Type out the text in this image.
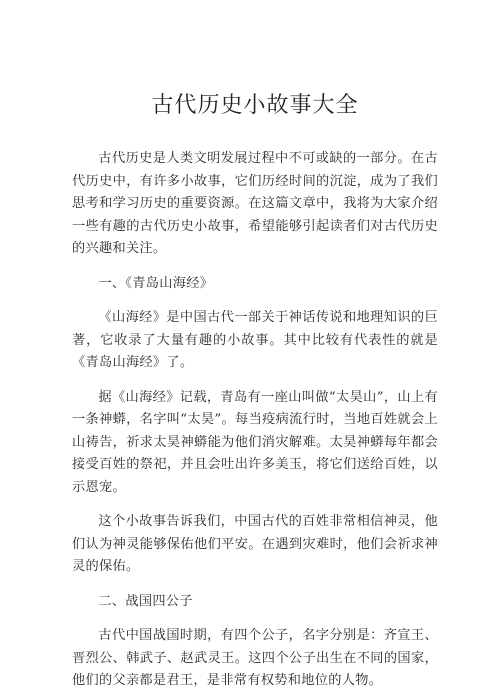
古代历史小故事大全

古代历史是人类文明发展过程中不可或缺的一部分。在古代历史中，有许多小故事，它们历经时间的沉淀，成为了我们思考和学习历史的重要资源。在这篇文章中，我将为大家介绍一些有趣的古代历史小故事，希望能够引起读者们对古代历史的兴趣和关注。

一、《青岛山海经》

《山海经》是中国古代一部关于神话传说和地理知识的巨著，它收录了大量有趣的小故事。其中比较有代表性的就是《青岛山海经》了。

据《山海经》记载，青岛有一座山叫做“太昊山”，山上有一条神蟒，名字叫“太昊”。每当疫病流行时，当地百姓就会上山祷告，祈求太昊神蟒能为他们消灾解难。太昊神蟒每年都会接受百姓的祭祀，并且会吐出许多美玉，将它们送给百姓，以示恩宠。

这个小故事告诉我们，中国古代的百姓非常相信神灵，他们认为神灵能够保佑他们平安。在遇到灾难时，他们会祈求神灵的保佑。

二、战国四公子

古代中国战国时期，有四个公子，名字分别是：齐宣王、晋烈公、韩武子、赵武灵王。这四个公子出生在不同的国家，他们的父亲都是君王，是非常有权势和地位的人物。
